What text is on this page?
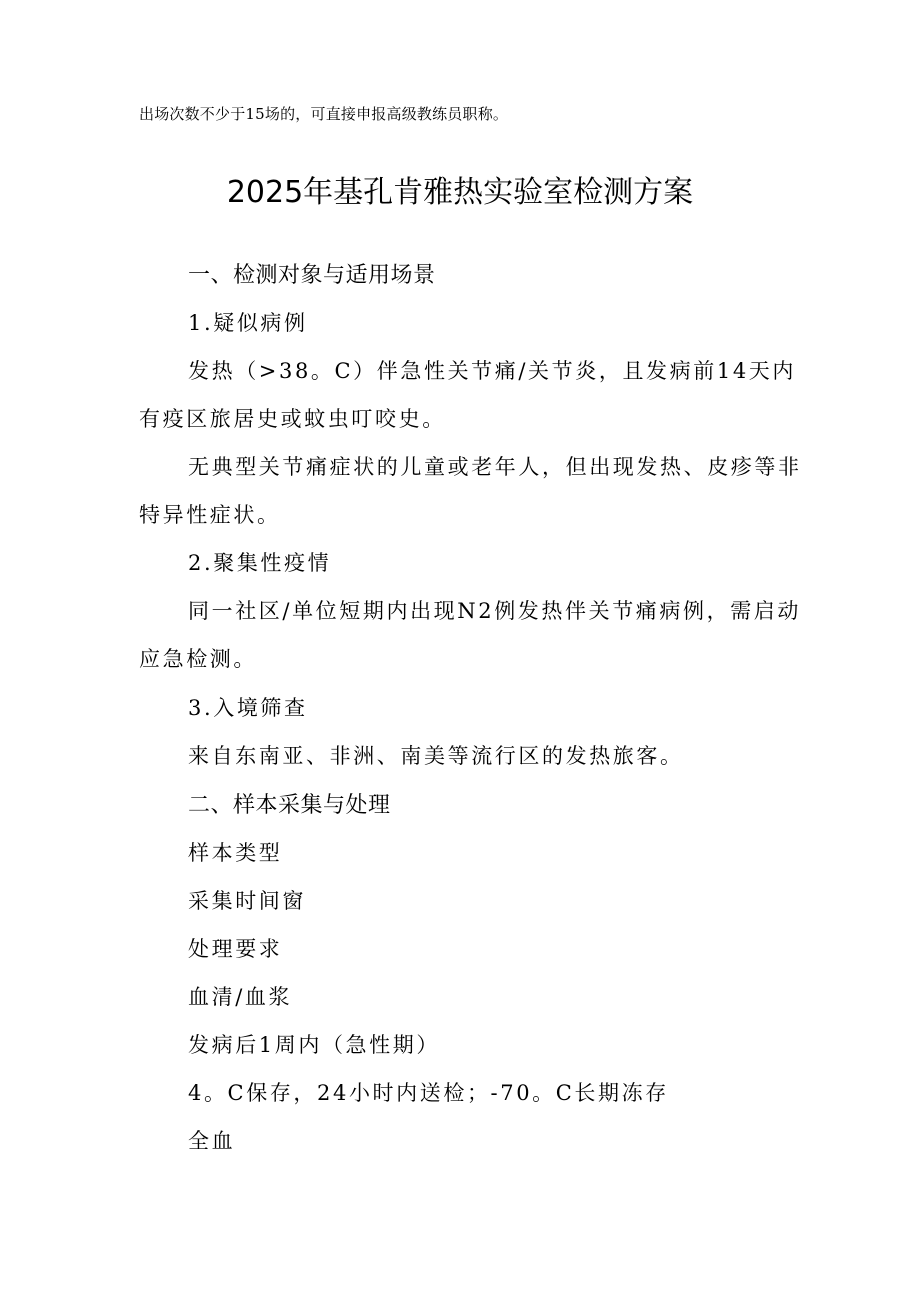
出场次数不少于15场的，可直接申报高级教练员职称。
2025年基孔肯雅热实验室检测方案
一、检测对象与适用场景
1.疑似病例
发热（>38。C）伴急性关节痛/关节炎，且发病前14天内
有疫区旅居史或蚊虫叮咬史。
无典型关节痛症状的儿童或老年人，但出现发热、皮疹等非
特异性症状。
2.聚集性疫情
同一社区/单位短期内出现N2例发热伴关节痛病例，需启动
应急检测。
3.入境筛查
来自东南亚、非洲、南美等流行区的发热旅客。
二、样本采集与处理
样本类型
采集时间窗
处理要求
血清/血浆
发病后1周内（急性期）
4。C保存，24小时内送检；-70。C长期冻存
全血
